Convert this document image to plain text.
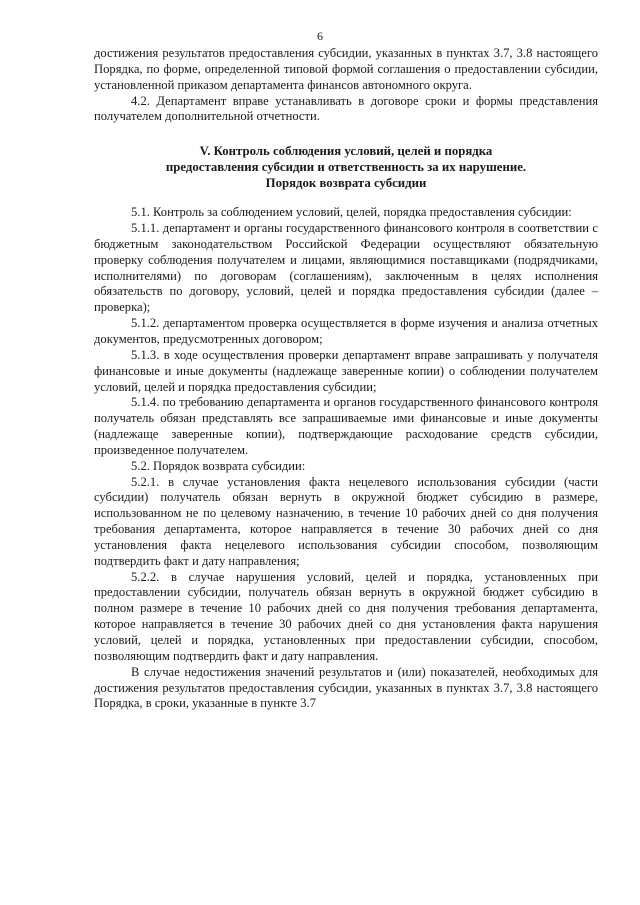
6

достижения результатов предоставления субсидии, указанных в пунктах 3.7, 3.8 настоящего Порядка, по форме, определенной типовой формой соглашения о предоставлении субсидии, установленной приказом департамента финансов автономного округа.

4.2. Департамент вправе устанавливать в договоре сроки и формы представления получателем дополнительной отчетности.

V. Контроль соблюдения условий, целей и порядка
предоставления субсидии и ответственность за их нарушение.
Порядок возврата субсидии

5.1. Контроль за соблюдением условий, целей, порядка предоставления субсидии:

5.1.1. департамент и органы государственного финансового контроля в соответствии с бюджетным законодательством Российской Федерации осуществляют обязательную проверку соблюдения получателем и лицами, являющимися поставщиками (подрядчиками, исполнителями) по договорам (соглашениям), заключенным в целях исполнения обязательств по договору, условий, целей и порядка предоставления субсидии (далее – проверка);

5.1.2. департаментом проверка осуществляется в форме изучения и анализа отчетных документов, предусмотренных договором;

5.1.3. в ходе осуществления проверки департамент вправе запрашивать у получателя финансовые и иные документы (надлежаще заверенные копии) о соблюдении получателем условий, целей и порядка предоставления субсидии;

5.1.4. по требованию департамента и органов государственного финансового контроля получатель обязан представлять все запрашиваемые ими финансовые и иные документы (надлежаще заверенные копии), подтверждающие расходование средств субсидии, произведенное получателем.

5.2. Порядок возврата субсидии:

5.2.1. в случае установления факта нецелевого использования субсидии (части субсидии) получатель обязан вернуть в окружной бюджет субсидию в размере, использованном не по целевому назначению, в течение 10 рабочих дней со дня получения требования департамента, которое направляется в течение 30 рабочих дней со дня установления факта нецелевого использования субсидии способом, позволяющим подтвердить факт и дату направления;

5.2.2. в случае нарушения условий, целей и порядка, установленных при предоставлении субсидии, получатель обязан вернуть в окружной бюджет субсидию в полном размере в течение 10 рабочих дней со дня получения требования департамента, которое направляется в течение 30 рабочих дней со дня установления факта нарушения условий, целей и порядка, установленных при предоставлении субсидии, способом, позволяющим подтвердить факт и дату направления.

В случае недостижения значений результатов и (или) показателей, необходимых для достижения результатов предоставления субсидии, указанных в пунктах 3.7, 3.8 настоящего Порядка, в сроки, указанные в пункте 3.7
